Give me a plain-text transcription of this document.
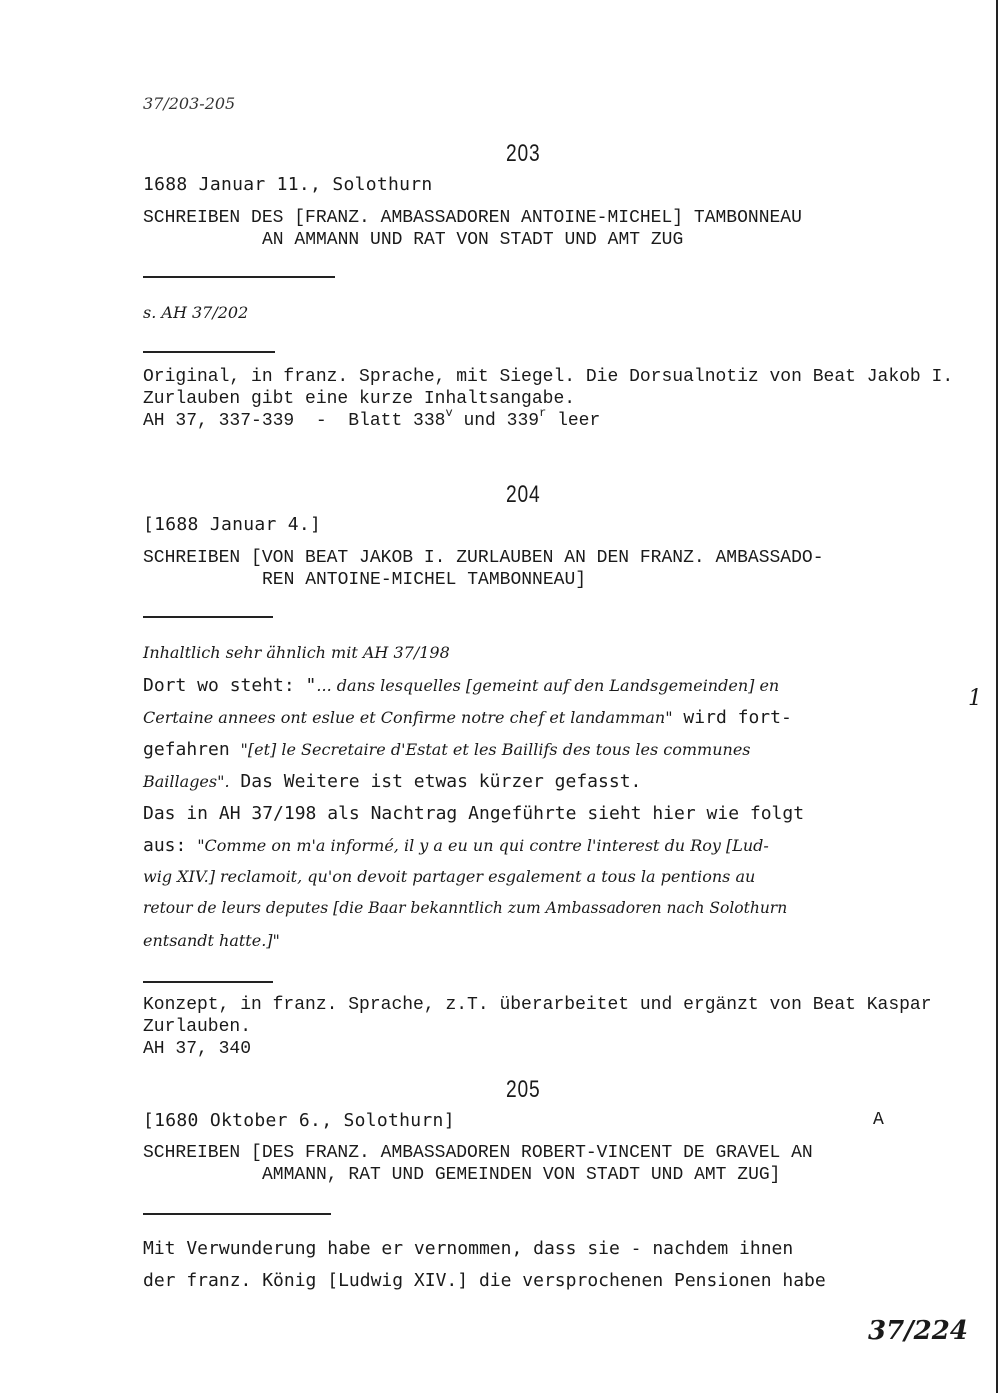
37/203-205
203
1688 Januar 11., Solothurn
SCHREIBEN DES [FRANZ. AMBASSADOREN ANTOINE-MICHEL] TAMBONNEAU
AN AMMANN UND RAT VON STADT UND AMT ZUG
s. AH 37/202
Original, in franz. Sprache, mit Siegel. Die Dorsualnotiz von Beat Jakob I.
Zurlauben gibt eine kurze Inhaltsangabe.
AH 37, 337-339  -  Blatt 338$^v$ und 339$^r$ leer
204
[1688 Januar 4.]
SCHREIBEN [VON BEAT JAKOB I. ZURLAUBEN AN DEN FRANZ. AMBASSADO-
REN ANTOINE-MICHEL TAMBONNEAU]
Inhaltlich sehr ähnlich mit AH 37/198
Dort wo steht: "... dans lesquelles [gemeint auf den Landsgemeinden] en
Certaine annees ont eslue et Confirme notre chef et landamman" wird fort-
gefahren "[et] le Secretaire d'Estat et les Baillifs des tous les communes
Baillages". Das Weitere ist etwas kürzer gefasst.
Das in AH 37/198 als Nachtrag Angeführte sieht hier wie folgt
aus: "Comme on m'a informé, il y a eu un qui contre l'interest du Roy [Lud-
wig XIV.] reclamoit, qu'on devoit partager esgalement a tous la pentions au
retour de leurs deputes [die Baar bekanntlich zum Ambassadoren nach Solothurn
entsandt hatte.]"
1
Konzept, in franz. Sprache, z.T. überarbeitet und ergänzt von Beat Kaspar
Zurlauben.
AH 37, 340
205
[1680 Oktober 6., Solothurn]	A
SCHREIBEN [DES FRANZ. AMBASSADOREN ROBERT-VINCENT DE GRAVEL AN
AMMANN, RAT UND GEMEINDEN VON STADT UND AMT ZUG]
Mit Verwunderung habe er vernommen, dass sie - nachdem ihnen
der franz. König [Ludwig XIV.] die versprochenen Pensionen habe
37/224
